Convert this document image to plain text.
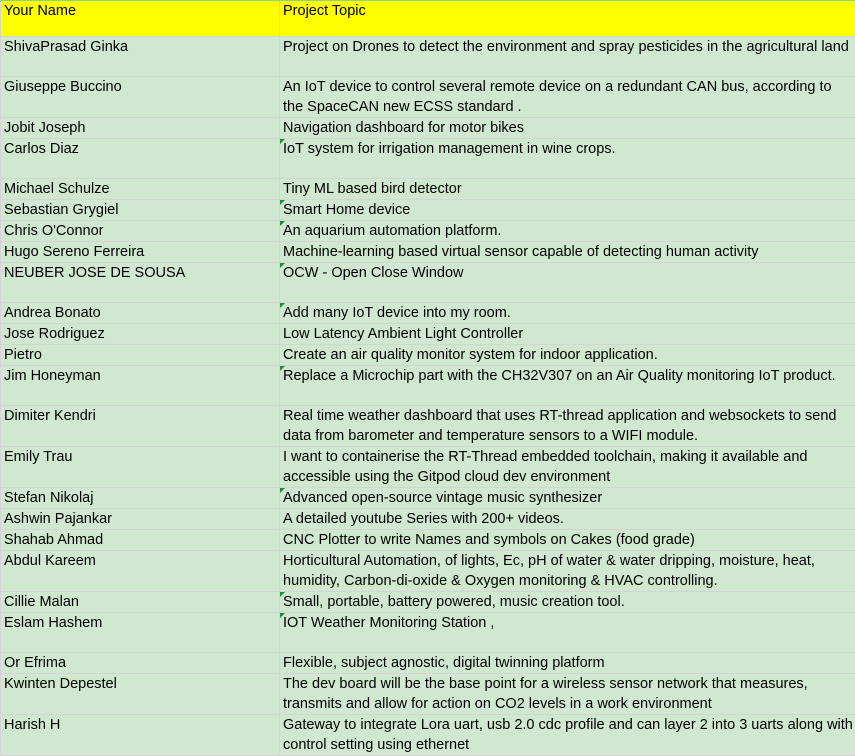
Your Name	Project Topic
ShivaPrasad Ginka	Project on Drones to detect the environment and spray pesticides in the agricultural land
Giuseppe Buccino	An IoT device to control several remote device on a redundant CAN bus, according to the SpaceCAN new ECSS standard .
Jobit Joseph	Navigation dashboard for motor bikes
Carlos Diaz	IoT system for irrigation management in wine crops.
Michael Schulze	Tiny ML based bird detector
Sebastian Grygiel	Smart Home device
Chris O'Connor	An aquarium automation platform.
Hugo Sereno Ferreira	Machine-learning based virtual sensor capable of detecting human activity
NEUBER JOSE DE SOUSA	OCW - Open Close Window
Andrea Bonato	Add many IoT device into my room.
Jose Rodriguez	Low Latency Ambient Light Controller
Pietro	Create an air quality monitor system for indoor application.
Jim Honeyman	Replace a Microchip part with the CH32V307 on an Air Quality monitoring IoT product.
Dimiter Kendri	Real time weather dashboard that uses RT-thread application and websockets to send data from barometer and temperature sensors to a WIFI module.
Emily Trau	I want to containerise the RT-Thread embedded toolchain, making it available and accessible using the Gitpod cloud dev environment
Stefan Nikolaj	Advanced open-source vintage music synthesizer
Ashwin Pajankar	A detailed youtube Series with 200+ videos.
Shahab Ahmad	CNC Plotter to write Names and symbols on Cakes (food grade)
Abdul Kareem	Horticultural Automation, of lights, Ec, pH of water & water dripping, moisture, heat, humidity, Carbon-di-oxide & Oxygen monitoring & HVAC controlling.
Cillie Malan	Small, portable, battery powered, music creation tool.
Eslam Hashem	IOT Weather Monitoring Station ,
Or Efrima	Flexible, subject agnostic, digital twinning platform
Kwinten Depestel	The dev board will be the base point for a wireless sensor network that measures, transmits and allow for action on CO2 levels in a work environment
Harish H	Gateway to integrate Lora uart, usb 2.0 cdc profile and can layer 2 into 3 uarts along with control setting using ethernet
